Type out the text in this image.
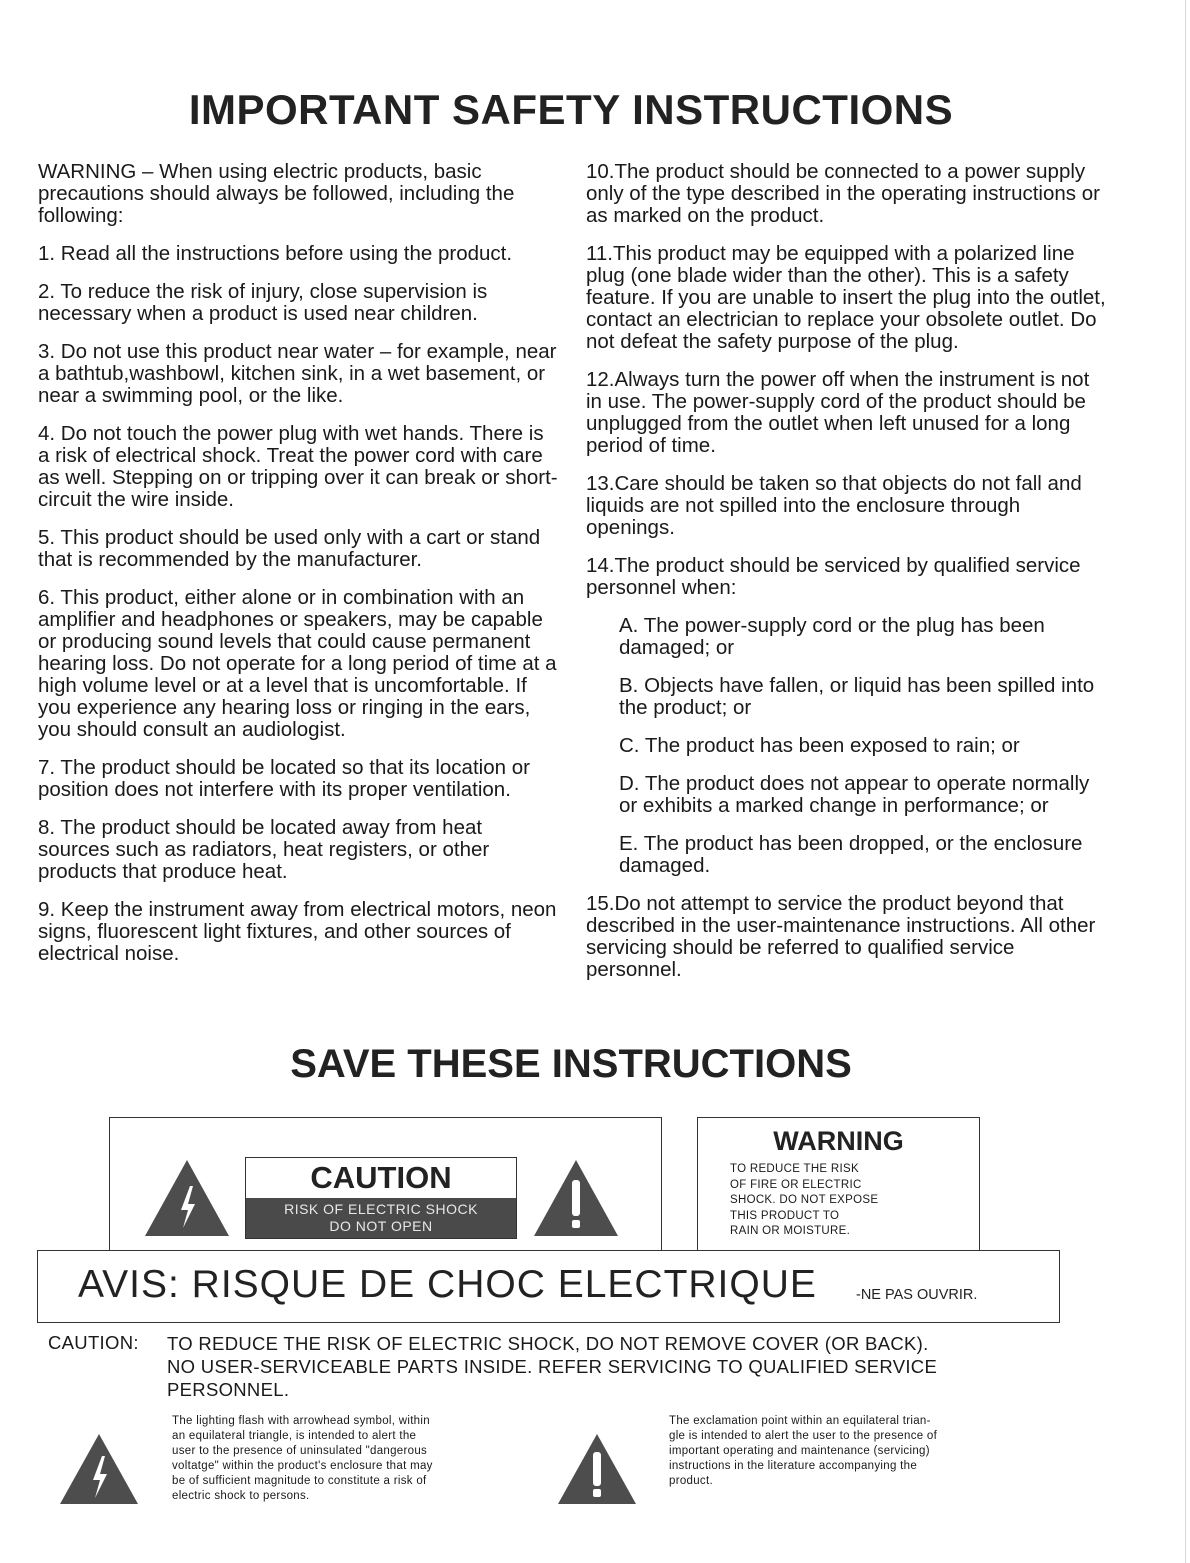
IMPORTANT SAFETY INSTRUCTIONS

WARNING – When using electric products, basic precautions should always be followed, including the following:

1. Read all the instructions before using the product.

2. To reduce the risk of injury, close supervision is necessary when a product is used near children.

3. Do not use this product near water – for example, near a bathtub,washbowl, kitchen sink, in a wet basement, or near a swimming pool, or the like.

4. Do not touch the power plug with wet hands. There is a risk of electrical shock. Treat the power cord with care as well. Stepping on or tripping over it can break or short-circuit the wire inside.

5. This product should be used only with a cart or stand that is recommended by the manufacturer.

6. This product, either alone or in combination with an amplifier and headphones or speakers, may be capable or producing sound levels that could cause permanent hearing loss. Do not operate for a long period of time at a high volume level or at a level that is uncomfortable. If you experience any hearing loss or ringing in the ears, you should consult an audiologist.

7. The product should be located so that its location or position does not interfere with its proper ventilation.

8. The product should be located away from heat sources such as radiators, heat registers, or other products that produce heat.

9. Keep the instrument away from electrical motors, neon signs, fluorescent light fixtures, and other sources of electrical noise.

10.The product should be connected to a power supply only of the type described in the operating instructions or as marked on the product.

11.This product may be equipped with a polarized line plug (one blade wider than the other). This is a safety feature. If you are unable to insert the plug into the outlet, contact an electrician to replace your obsolete outlet. Do not defeat the safety purpose of the plug.

12.Always turn the power off when the instrument is not in use. The power-supply cord of the product should be unplugged from the outlet when left unused for a long period of time.

13.Care should be taken so that objects do not fall and liquids are not spilled into the enclosure through openings.

14.The product should be serviced by qualified service personnel when:

A. The power-supply cord or the plug has been damaged; or

B. Objects have fallen, or liquid has been spilled into the product; or

C. The product has been exposed to rain; or

D. The product does not appear to operate normally or exhibits a marked change in performance; or

E. The product has been dropped, or the enclosure damaged.

15.Do not attempt to service the product beyond that described in the user-maintenance instructions. All other servicing should be referred to qualified service personnel.

SAVE THESE INSTRUCTIONS
CAUTION
RISK OF ELECTRIC SHOCK
DO NOT OPEN
WARNING
TO REDUCE THE RISK
OF FIRE OR ELECTRIC
SHOCK. DO NOT EXPOSE
THIS PRODUCT TO
RAIN OR MOISTURE.
AVIS: RISQUE DE CHOC ELECTRIQUE	-NE PAS OUVRIR.
CAUTION: TO REDUCE THE RISK OF ELECTRIC SHOCK, DO NOT REMOVE COVER (OR BACK).
NO USER-SERVICEABLE PARTS INSIDE. REFER SERVICING TO QUALIFIED SERVICE
PERSONNEL.
The lighting flash with arrowhead symbol, within
an equilateral triangle, is intended to alert the
user to the presence of uninsulated "dangerous
voltatge" within the product's enclosure that may
be of sufficient magnitude to constitute a risk of
electric shock to persons.
The exclamation point within an equilateral trian-
gle is intended to alert the user to the presence of
important operating and maintenance (servicing)
instructions in the literature accompanying the
product.
